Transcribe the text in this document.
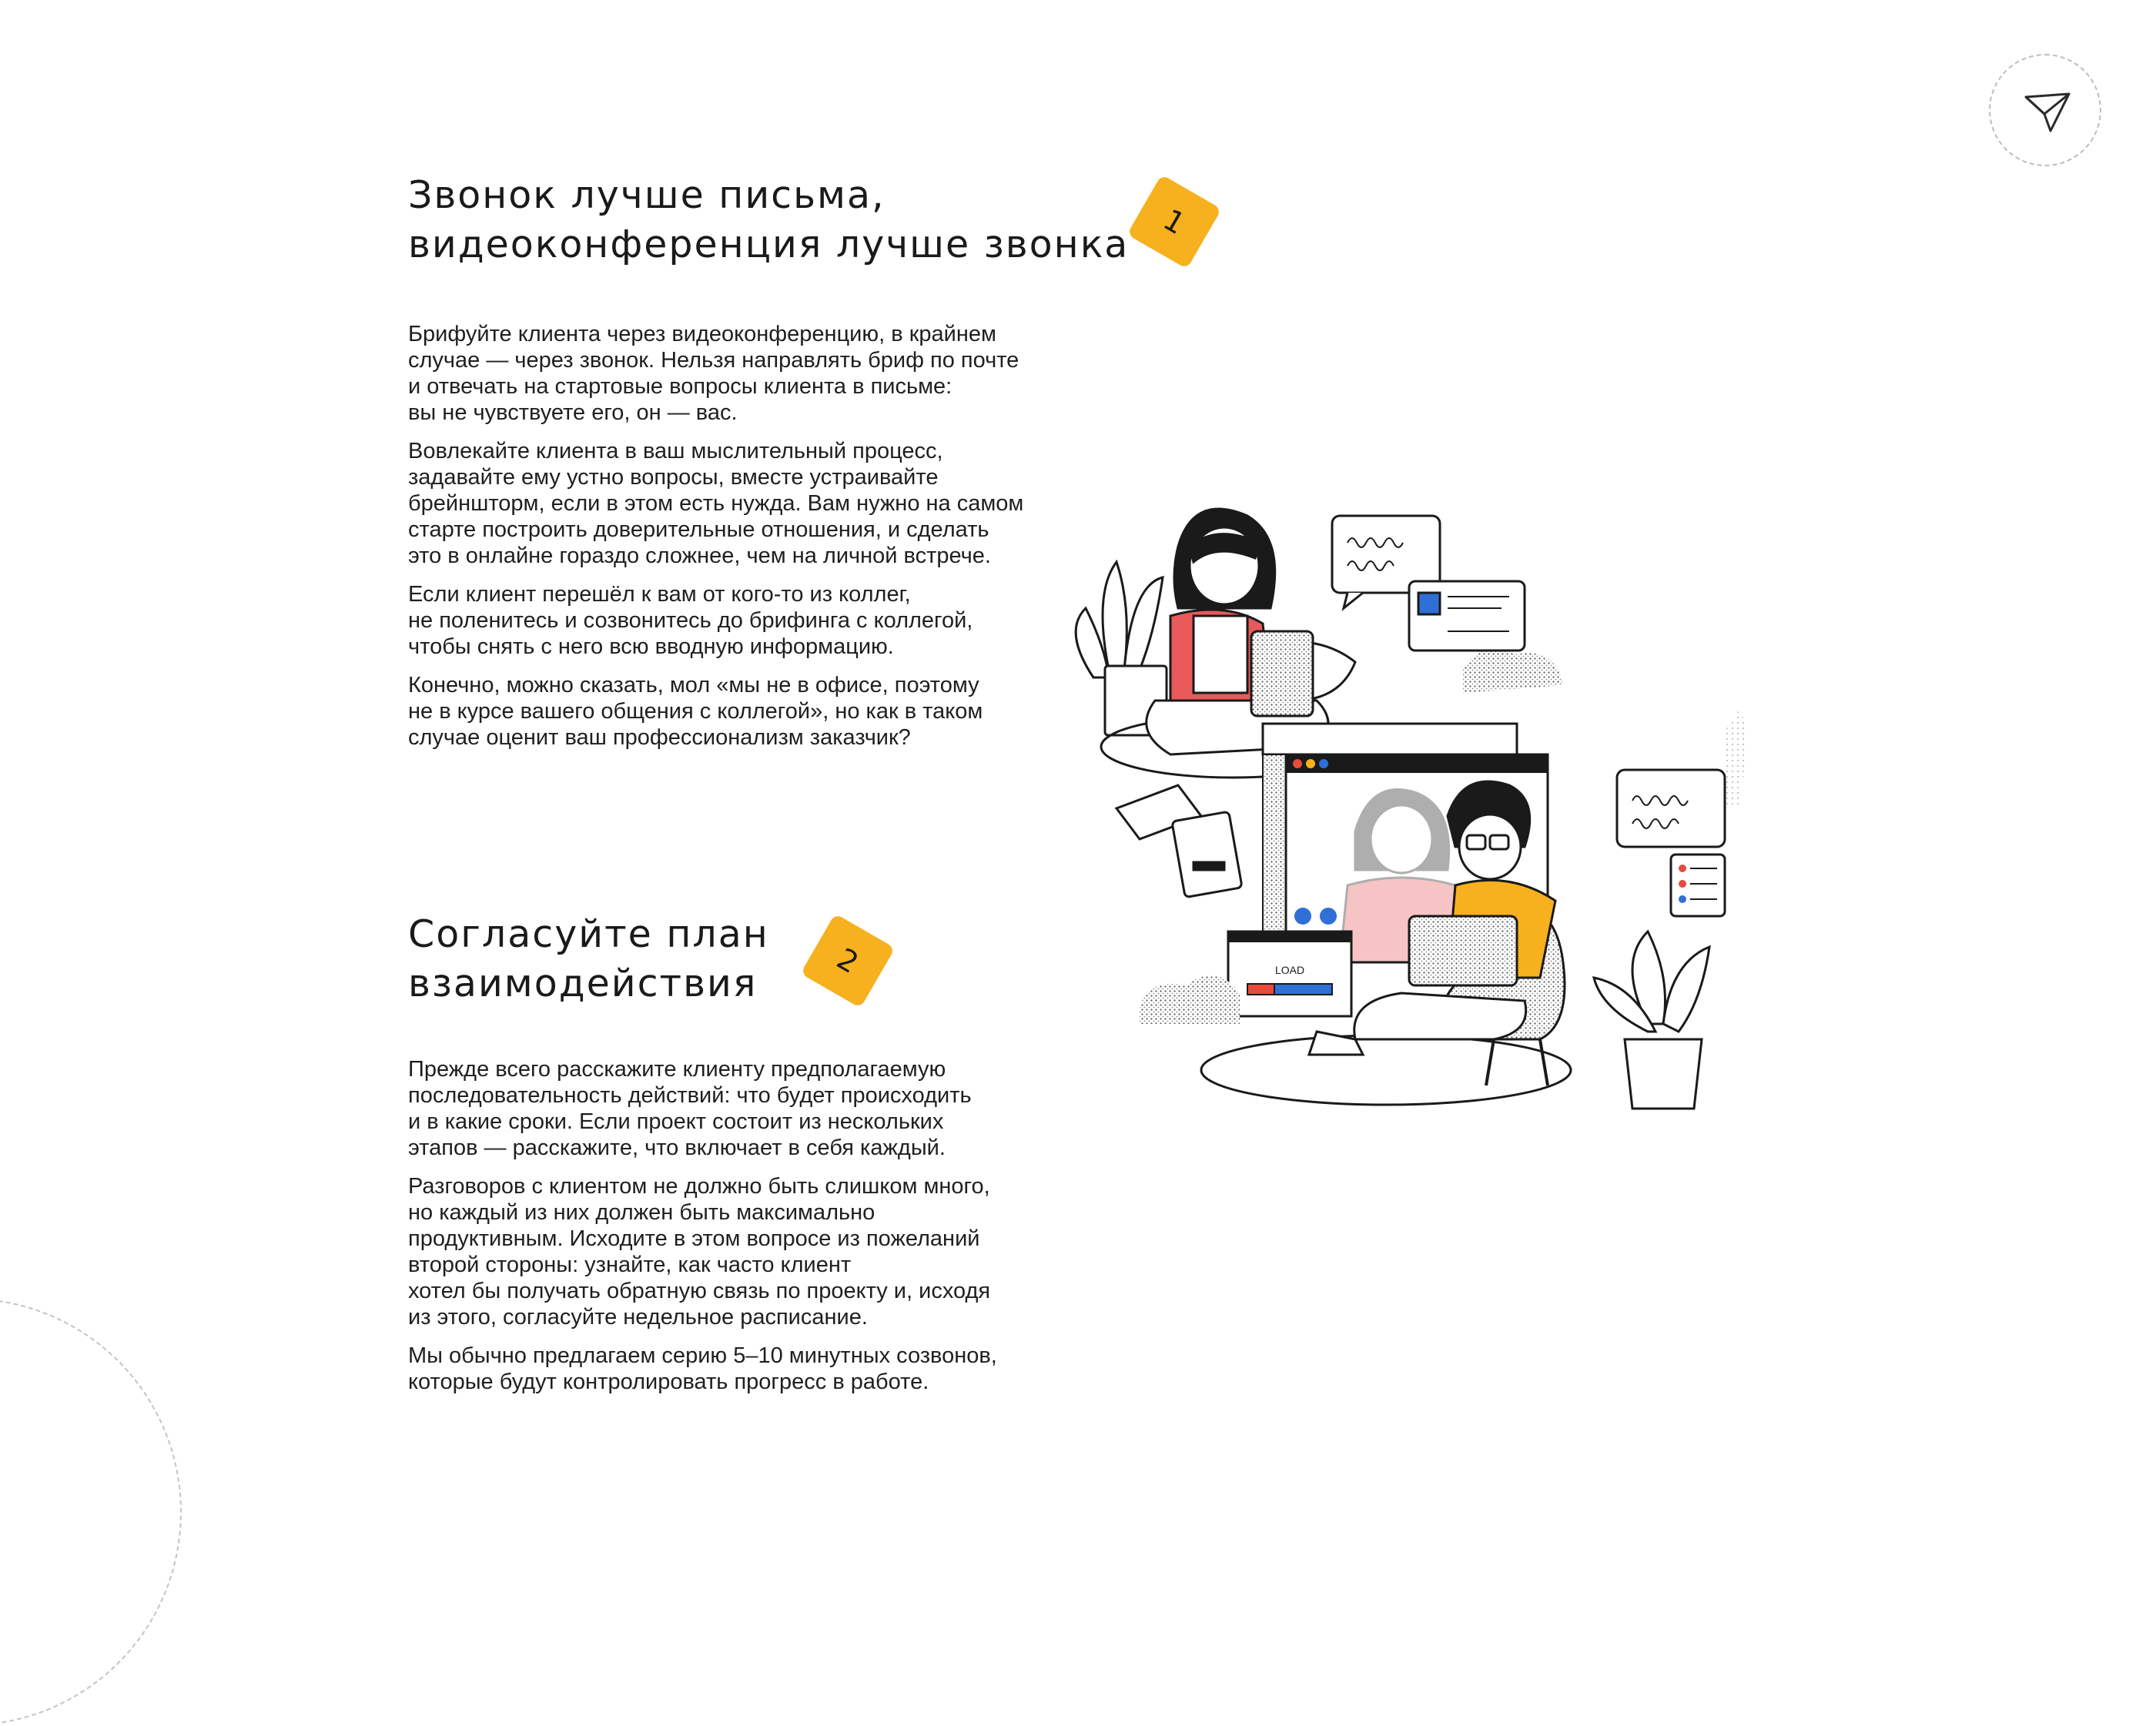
Звонок лучше письма,
видеоконференция лучше звонка
1

Брифуйте клиента через видеоконференцию, в крайнем
случае — через звонок. Нельзя направлять бриф по почте
и отвечать на стартовые вопросы клиента в письме:
вы не чувствуете его, он — вас.

Вовлекайте клиента в ваш мыслительный процесс,
задавайте ему устно вопросы, вместе устраивайте
брейншторм, если в этом есть нужда. Вам нужно на самом
старте построить доверительные отношения, и сделать
это в онлайне гораздо сложнее, чем на личной встрече.

Если клиент перешёл к вам от кого-то из коллег,
не поленитесь и созвонитесь до брифинга с коллегой,
чтобы снять с него всю вводную информацию.

Конечно, можно сказать, мол «мы не в офисе, поэтому
не в курсе вашего общения с коллегой», но как в таком
случае оценит ваш профессионализм заказчик?

Согласуйте план
взаимодействия
2

Прежде всего расскажите клиенту предполагаемую
последовательность действий: что будет происходить
и в какие сроки. Если проект состоит из нескольких
этапов — расскажите, что включает в себя каждый.

Разговоров с клиентом не должно быть слишком много,
но каждый из них должен быть максимально
продуктивным. Исходите в этом вопросе из пожеланий
второй стороны: узнайте, как часто клиент
хотел бы получать обратную связь по проекту и, исходя
из этого, согласуйте недельное расписание.

Мы обычно предлагаем серию 5–10 минутных созвонов,
которые будут контролировать прогресс в работе.

LOAD
